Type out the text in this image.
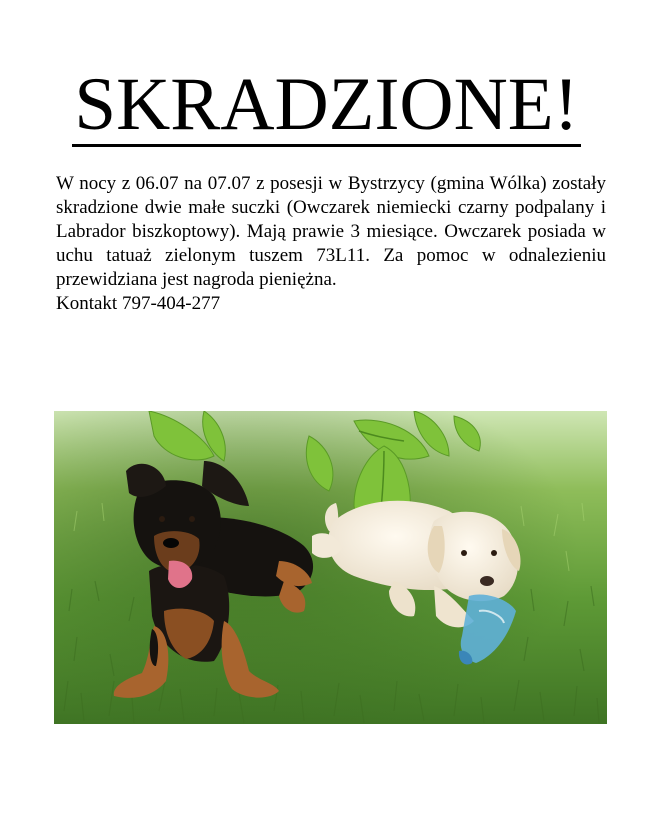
SKRADZIONE!
W nocy z 06.07 na 07.07 z posesji w Bystrzycy (gmina Wólka) zostały skradzione dwie małe suczki (Owczarek niemiecki czarny podpalany i Labrador biszkoptowy). Mają prawie 3 miesiące. Owczarek posiada w uchu tatuaż zielonym tuszem 73L11. Za pomoc w odnalezieniu przewidziana jest nagroda pieniężna.
Kontakt 797-404-277
